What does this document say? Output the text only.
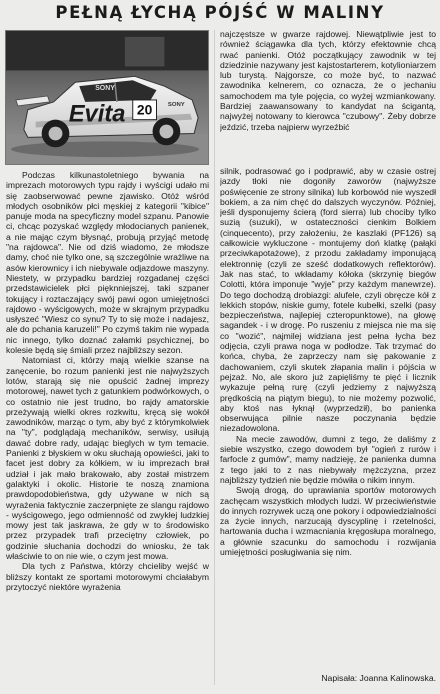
PEŁNĄ ŁYCHĄ PÓJŚĆ W MALINY
20
Evita
SONY
SONY

Podczas kilkunastoletniego bywania na imprezach motorowych typu rajdy i wyścigi udało mi się zaobserwować pewne zjawisko. Otóż wśród młodych osobników płci męskiej z kategorii "kibice" panuje moda na specyficzny model szpanu. Panowie ci, chcąc pozyskać względy młodocianych panienek, a nie mając czym błysnąć, probują przyjąć metodę "na rajdowca". Nie od dziś wiadomo, że młodsze damy, choć nie tylko one, są szczególnie wrażliwe na asów kierownicy i ich niebywale odjazdowe maszyny. Niestety, w przypadku bardziej rozgadanej części przedstawicielek płci pięknniejszej, taki szpaner tokujący i roztaczający swój pawi ogon umiejętności rajdowo - wyścigowych, może w skrajnym przypadku usłyszeć "Wiesz co synu? Ty to się może i nadajesz, ale do pchania karuzeli!" Po czymś takim nie wypada nic innego, tylko doznać załamki psychicznej, bo kolesie będą się śmiali przez najbliższy sezon.

Natomiast ci, którzy mają wielkie szanse na zanęcenie, bo rozum panienki jest nie najwyższych lotów, starają się nie opuścić żadnej imprezy motorowej, nawet tych z gatunkiem podwórkowych, o co ostatnio nie jest trudno, bo rajdy amatorskie przeżywają wielki okres rozkwitu, kręcą się wokół zawodników, marząc o tym, aby być z którymkolwiek na "ty", podglądają mechaników, serwisy, usiłują dawać dobre rady, udając bieglych w tym temacie. Panienki z błyskiem w oku słuchają opowieści, jaki to facet jest dobry za kółkiem, w iu imprezach brał udział i jak mało brakowało, aby został mistrzem galaktyki i okolic. Historie te noszą znamiona prawdopodobieństwa, gdy używane w nich są wyrażenia faktycznie zaczerpnięte ze slangu rajdowo - wyścigowego, jego odmienność od zwykłej ludzkiej mowy jest tak jaskrawa, że gdy w to środowisko przez przypadek trafi przeciętny człowiek, po godzinie słuchania dochodzi do wniosku, że tak właściwie to on nie wie, o czym jest mowa.

Dla tych z Państwa, którzy chcieliby wejść w bliższy kontakt ze sportami motorowymi chciałabym przytoczyć niektóre wyrażenia

najczęstsze w gwarze rajdowej. Niewątpliwie jest to również ściągawka dla tych, którzy efektownie chcą rwać panienki. Otóż początkujący zawodnik w tej dziedzinie nazywany jest kajstostarterem, kotylioniarzem lub turystą. Najgorsze, co może być, to nazwać zawodnika kelnerem, co oznacza, że o jechaniu samochodem ma tyle pojęcia, co wyżej wzmiankowany. Bardziej zaawansowany to kandydat na ścigantą, najwyżej notowany to kierowca "czubowy". Żeby dobrze jeździć, trzeba najpierw wyrzeźbić

silnik, podrasować go i podprawić, aby w czasie ostrej jazdy tłoki nie dogoniły zaworów (najwyższe poświęcenie ze strony silnika) lub korbowód nie wyszedł bokiem, a za nim chęć do dalszych wyczynów. Później, jeśli dysponujemy ścierą (ford sierra) lub chociby tylko suzią (suzuki), w ostateczności cienkim Bolkiem (cinquecento), przy założeniu, że kaszlaki (PF126) są całkowicie wykluczone - montujemy doń klatkę (pałąki przeciwkapotażowe), z przodu zakładamy imponującą elektronnię (czyli ze sześć dodatkowych reflektorów). Jak nas stać, to wkładamy kółoka (skrzynię biegów Colotti, która imponuje "wyje" przy każdym manewrze). Do tego dochodzą drobiazgi: alufele, czyli obręcze kół z lekkich stopów, niskie gumy, fotele kubełki, szelki (pasy bezpieczeństwa, najlepiej czteropunktowe), na głowę sagandek - i w drogę. Po ruszeniu z miejsca nie ma się co "wozić", najmilej widziana jest pełna łycha bez odjęcia, czyli prawa noga w podłodze. Tak trzymać do końca, chyba, że zaprzeczy nam się pakowanie z dachowaniem, czyli skutek złapania malin i pójścia w pejzaż. No, ale skoro już zapięliśmy te pięć i licznik wykazuje pełną rurę (czyli jedziemy z najwyższą prędkością na piątym biegu), to nie możemy pozwolić, aby ktoś nas łyknął (wyprzedził), bo panienka obserwująca pilnie nasze poczynania będzie niezadowolona.

Na mecie zawodów, dumni z tego, że daliśmy z siebie wszystko, czego dowodem był "ogień z rurów i farfocle z gumów", mamy nadzieję, że panienka dumna z tego jaki to z nas niebywały mężczyzna, przez najbliższy tydzień nie będzie mówiła o nikim innym.

Swoją drogą, do uprawiania sportów motorowych zachęcam wszystkich młodych ludzi. W przeciwieństwie do innych rozrywek uczą one pokory i odpowiedzialności za życie innych, narzucają dyscyplinę i rzetelności, hartowania ducha i wzmacniania kręgosłupa moralnego, a głównie szacunku do samochodu i rozwijania umiejętności posługiwania się nim.

Napisała: Joanna Kalinowska.
